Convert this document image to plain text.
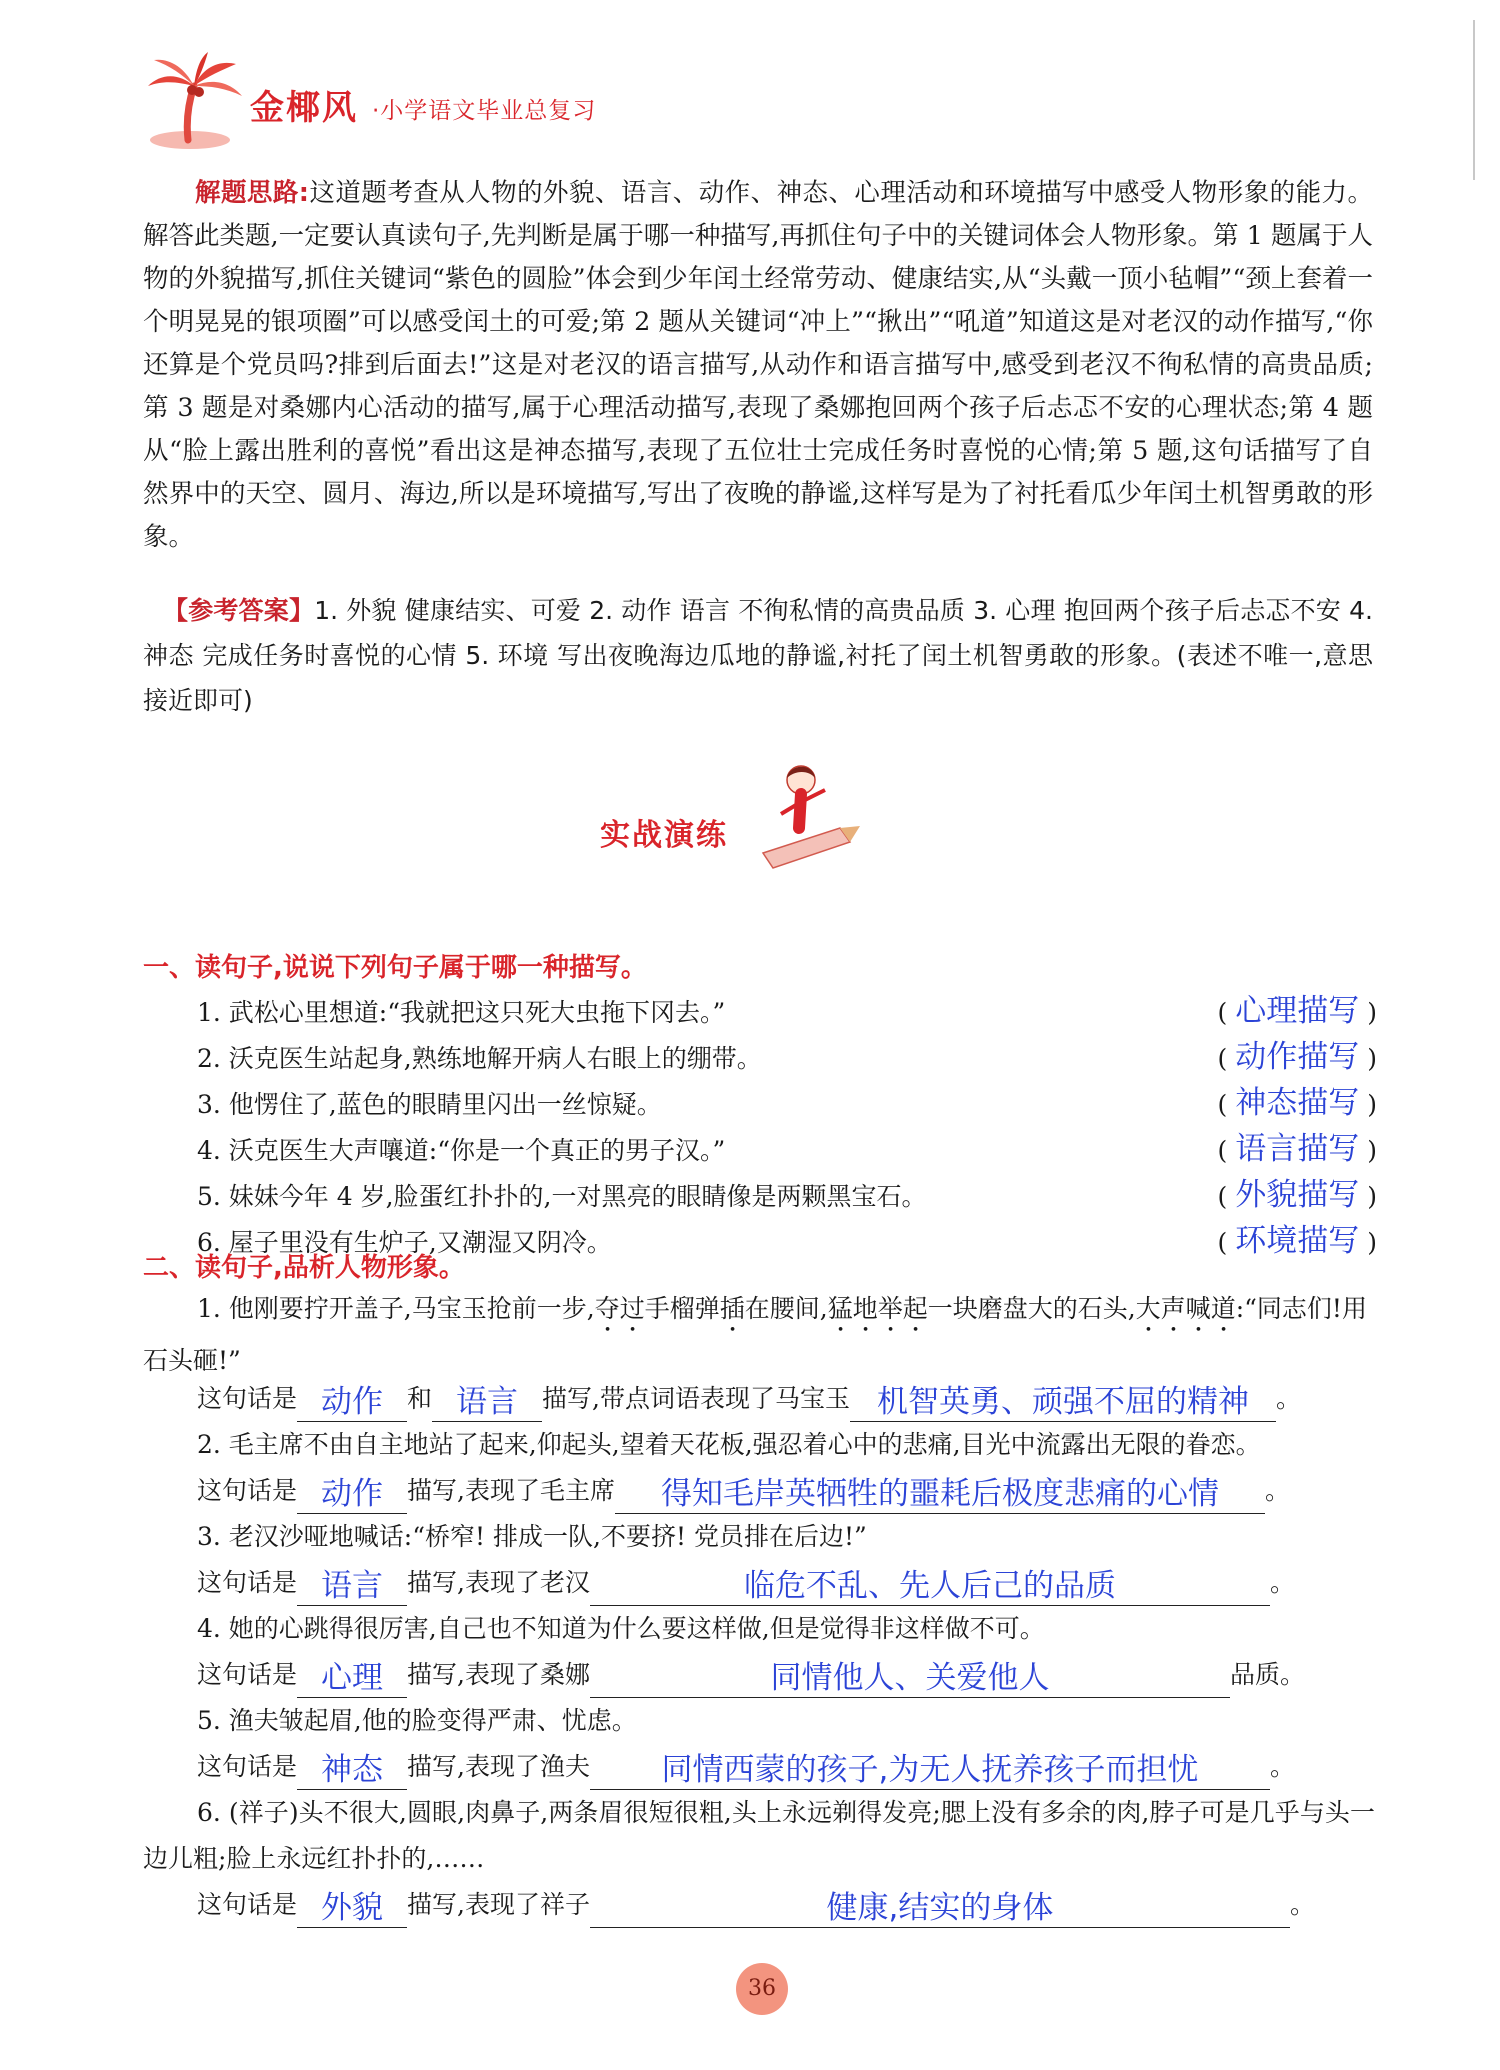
金椰风 ·小学语文毕业总复习

解题思路:这道题考查从人物的外貌、语言、动作、神态、心理活动和环境描写中感受人物形象的能力。解答此类题,一定要认真读句子,先判断是属于哪一种描写,再抓住句子中的关键词体会人物形象。第 1 题属于人物的外貌描写,抓住关键词“紫色的圆脸”体会到少年闰土经常劳动、健康结实,从“头戴一顶小毡帽”“颈上套着一个明晃晃的银项圈”可以感受闰土的可爱;第 2 题从关键词“冲上”“揪出”“吼道”知道这是对老汉的动作描写,“你还算是个党员吗?排到后面去!”这是对老汉的语言描写,从动作和语言描写中,感受到老汉不徇私情的高贵品质;第 3 题是对桑娜内心活动的描写,属于心理活动描写,表现了桑娜抱回两个孩子后忐忑不安的心理状态;第 4 题从“脸上露出胜利的喜悦”看出这是神态描写,表现了五位壮士完成任务时喜悦的心情;第 5 题,这句话描写了自然界中的天空、圆月、海边,所以是环境描写,写出了夜晚的静谧,这样写是为了衬托看瓜少年闰土机智勇敢的形象。

【参考答案】1. 外貌 健康结实、可爱 2. 动作 语言 不徇私情的高贵品质 3. 心理 抱回两个孩子后忐忑不安 4. 神态 完成任务时喜悦的心情 5. 环境 写出夜晚海边瓜地的静谧,衬托了闰土机智勇敢的形象。(表述不唯一,意思接近即可)

实战演练
一、读句子,说说下列句子属于哪一种描写。
1. 武松心里想道:“我就把这只死大虫拖下冈去。”	( 心理描写 )
2. 沃克医生站起身,熟练地解开病人右眼上的绷带。	( 动作描写 )
3. 他愣住了,蓝色的眼睛里闪出一丝惊疑。	( 神态描写 )
4. 沃克医生大声嚷道:“你是一个真正的男子汉。”	( 语言描写 )
5. 妹妹今年 4 岁,脸蛋红扑扑的,一对黑亮的眼睛像是两颗黑宝石。	( 外貌描写 )
6. 屋子里没有生炉子,又潮湿又阴冷。	( 环境描写 )
二、读句子,品析人物形象。
1. 他刚要拧开盖子,马宝玉抢前一步,夺过手榴弹插在腰间,猛地举起一块磨盘大的石头,大声喊道:“同志们!用石头砸!”
这句话是 动作 和 语言 描写,带点词语表现了马宝玉 机智英勇、顽强不屈的精神 。
2. 毛主席不由自主地站了起来,仰起头,望着天花板,强忍着心中的悲痛,目光中流露出无限的眷恋。
这句话是 动作 描写,表现了毛主席 得知毛岸英牺牲的噩耗后极度悲痛的心情 。
3. 老汉沙哑地喊话:“桥窄! 排成一队,不要挤! 党员排在后边!”
这句话是 语言 描写,表现了老汉	临危不乱、先人后己的品质	。
4. 她的心跳得很厉害,自己也不知道为什么要这样做,但是觉得非这样做不可。
这句话是 心理 描写,表现了桑娜	同情他人、关爱他人	品质。
5. 渔夫皱起眉,他的脸变得严肃、忧虑。
这句话是 神态 描写,表现了渔夫 同情西蒙的孩子,为无人抚养孩子而担忧	。
6. (祥子)头不很大,圆眼,肉鼻子,两条眉很短很粗,头上永远剃得发亮;腮上没有多余的肉,脖子可是几乎与头一边儿粗;脸上永远红扑扑的,……
这句话是 外貌 描写,表现了祥子	健康,结实的身体	。
36
